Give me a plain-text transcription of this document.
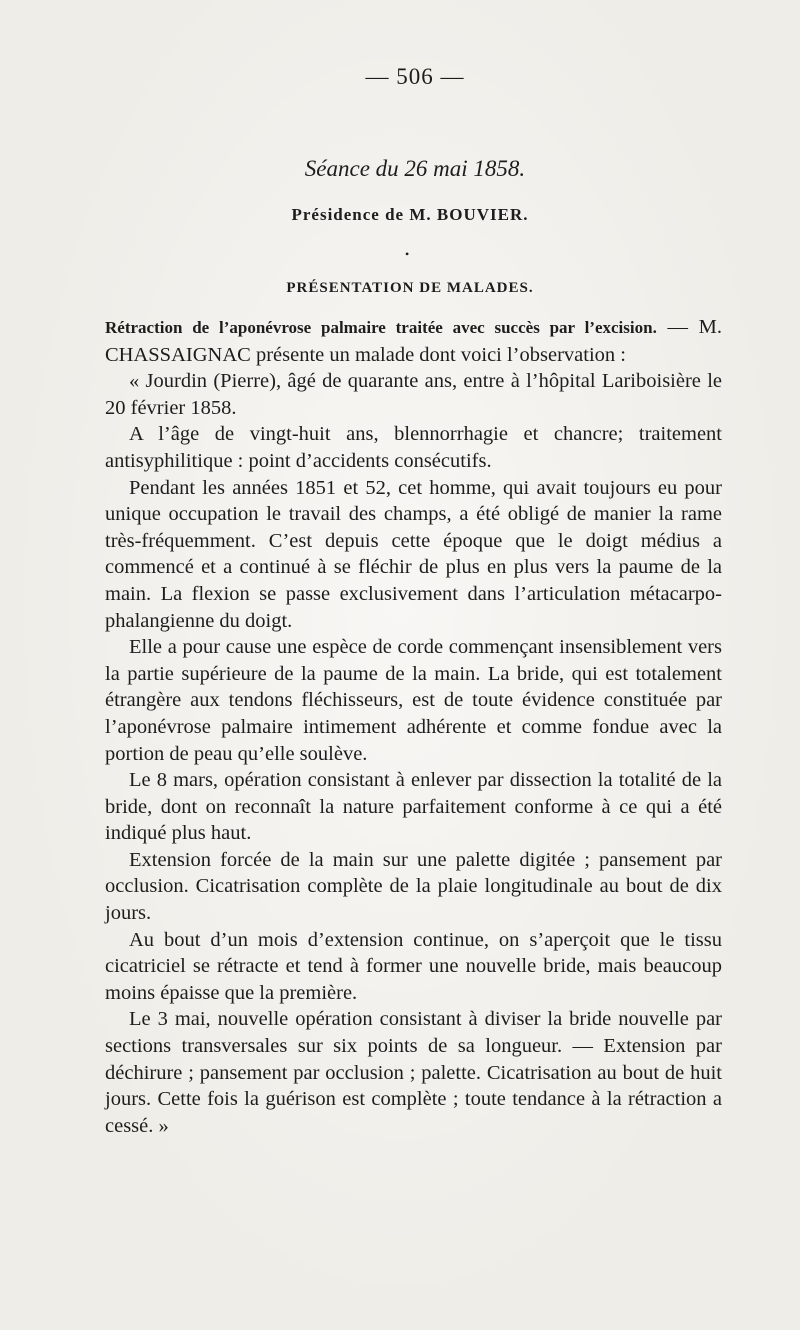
— 506 —
Séance du 26 mai 1858.
Présidence de M. BOUVIER.
•
PRÉSENTATION DE MALADES.

Rétraction de l’aponévrose palmaire traitée avec succès par l’excision. — M. CHASSAIGNAC présente un malade dont voici l’observation :

« Jourdin (Pierre), âgé de quarante ans, entre à l’hôpital Lariboisière le 20 février 1858.

A l’âge de vingt-huit ans, blennorrhagie et chancre; traitement antisyphilitique : point d’accidents consécutifs.

Pendant les années 1851 et 52, cet homme, qui avait toujours eu pour unique occupation le travail des champs, a été obligé de manier la rame très-fréquemment. C’est depuis cette époque que le doigt médius a commencé et a continué à se fléchir de plus en plus vers la paume de la main. La flexion se passe exclusivement dans l’articulation métacarpo-phalangienne du doigt.

Elle a pour cause une espèce de corde commençant insensiblement vers la partie supérieure de la paume de la main. La bride, qui est totalement étrangère aux tendons fléchisseurs, est de toute évidence constituée par l’aponévrose palmaire intimement adhérente et comme fondue avec la portion de peau qu’elle soulève.

Le 8 mars, opération consistant à enlever par dissection la totalité de la bride, dont on reconnaît la nature parfaitement conforme à ce qui a été indiqué plus haut.

Extension forcée de la main sur une palette digitée ; pansement par occlusion. Cicatrisation complète de la plaie longitudinale au bout de dix jours.

Au bout d’un mois d’extension continue, on s’aperçoit que le tissu cicatriciel se rétracte et tend à former une nouvelle bride, mais beaucoup moins épaisse que la première.

Le 3 mai, nouvelle opération consistant à diviser la bride nouvelle par sections transversales sur six points de sa longueur. — Extension par déchirure ; pansement par occlusion ; palette. Cicatrisation au bout de huit jours. Cette fois la guérison est complète ; toute tendance à la rétraction a cessé. »
